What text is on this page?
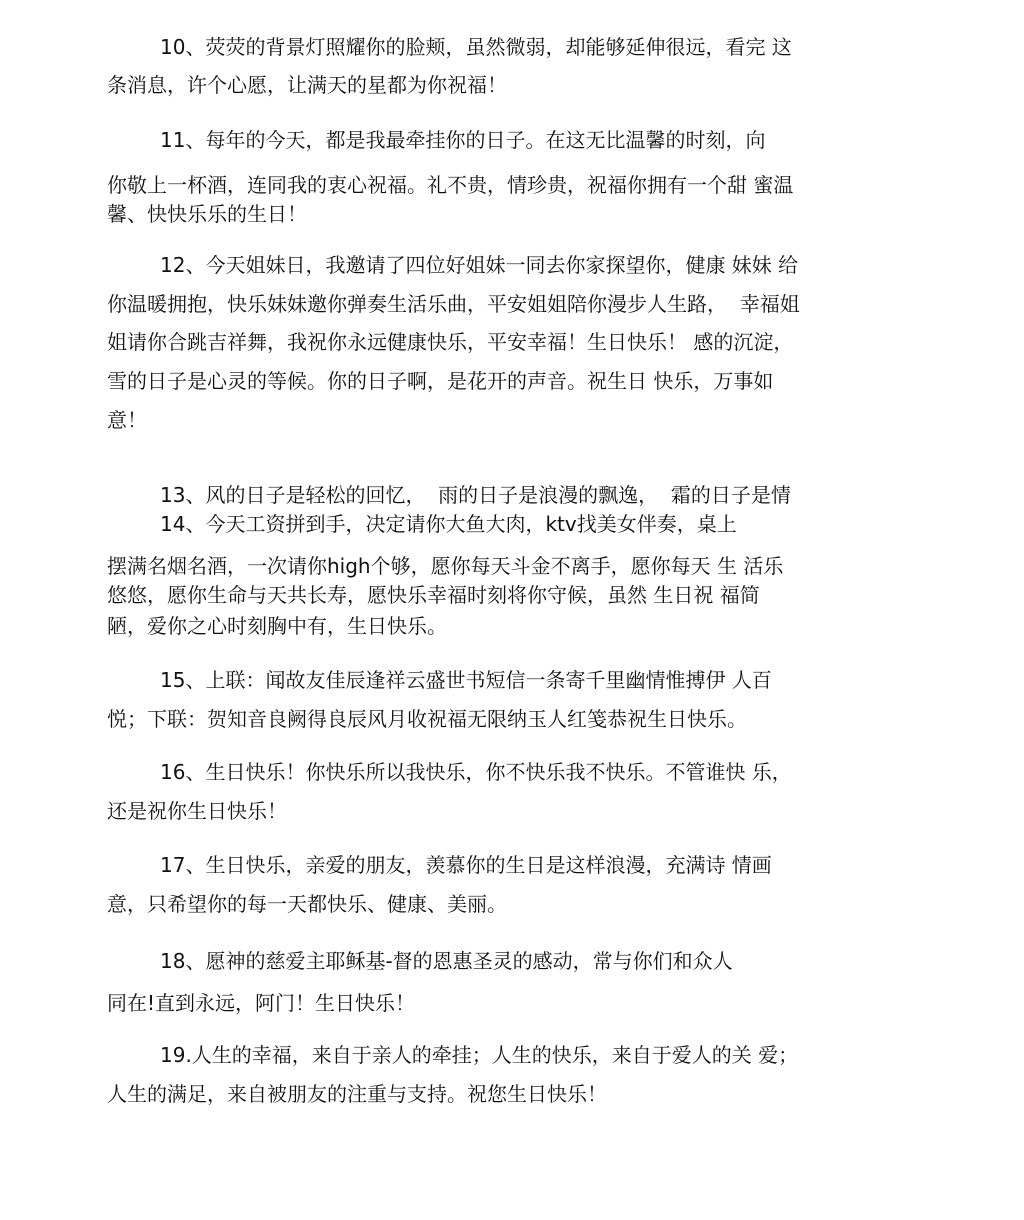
10、荧荧的背景灯照耀你的脸颊，虽然微弱，却能够延伸很远，看完 这
条消息，许个心愿，让满天的星都为你祝福！
11、每年的今天，都是我最牵挂你的日子。在这无比温馨的时刻，向
你敬上一杯酒，连同我的衷心祝福。礼不贵，情珍贵，祝福你拥有一个甜 蜜温
馨、快快乐乐的生日！
12、今天姐妹日，我邀请了四位好姐妹一同去你家探望你，健康 妹妹 给
你温暖拥抱，快乐妹妹邀你弹奏生活乐曲，平安姐姐陪你漫步人生路，  幸福姐
姐请你合跳吉祥舞，我祝你永远健康快乐，平安幸福！生日快乐！ 感的沉淀，
雪的日子是心灵的等候。你的日子啊，是花开的声音。祝生日 快乐，万事如
意！
13、风的日子是轻松的回忆，  雨的日子是浪漫的飘逸，  霜的日子是情
14、今天工资拼到手，决定请你大鱼大肉，ktv找美女伴奏，桌上
摆满名烟名酒，一次请你high个够，愿你每天斗金不离手，愿你每天 生 活乐
悠悠，愿你生命与天共长寿，愿快乐幸福时刻将你守候，虽然 生日祝 福简
陋，爱你之心时刻胸中有，生日快乐。
15、上联：闻故友佳辰逢祥云盛世书短信一条寄千里幽情惟搏伊 人百
悦；下联：贺知音良阙得良辰风月收祝福无限纳玉人红笺恭祝生日快乐。
16、生日快乐！你快乐所以我快乐，你不快乐我不快乐。不管谁快 乐，
还是祝你生日快乐！
17、生日快乐，亲爱的朋友，羡慕你的生日是这样浪漫，充满诗 情画
意，只希望你的每一天都快乐、健康、美丽。
18、愿神的慈爱主耶稣基-督的恩惠圣灵的感动，常与你们和众人
同在!直到永远，阿门！生日快乐！
19.人生的幸福，来自于亲人的牵挂；人生的快乐，来自于爱人的关 爱；
人生的满足，来自被朋友的注重与支持。祝您生日快乐！
